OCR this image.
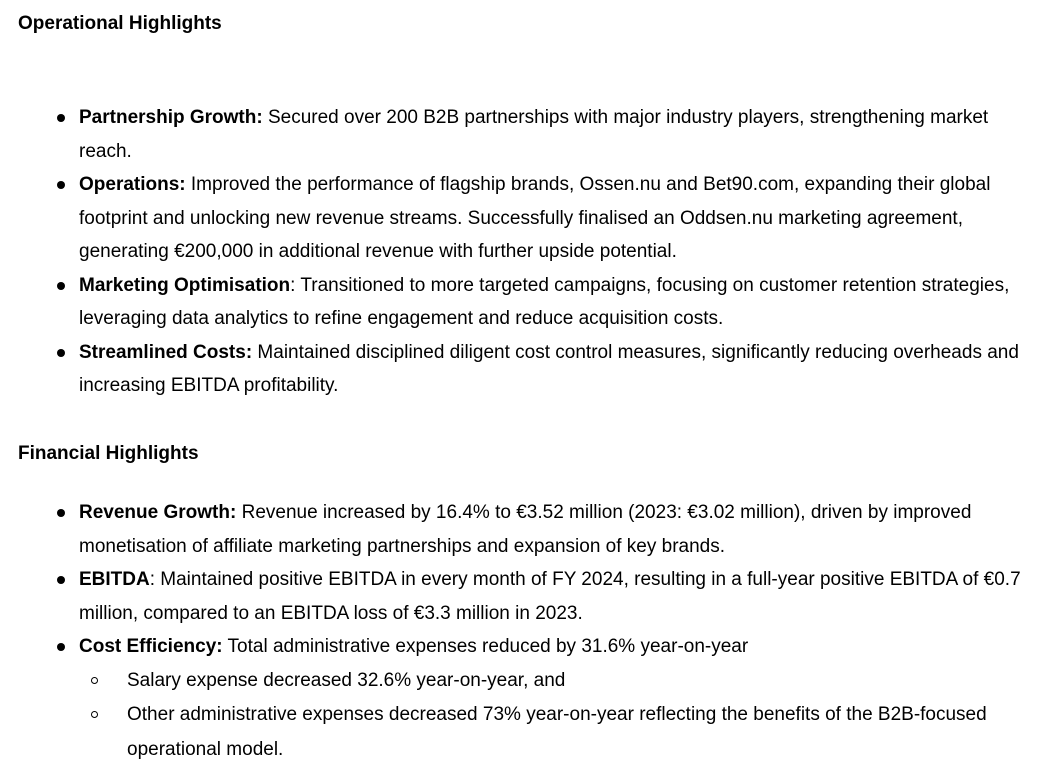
Operational Highlights
Partnership Growth: Secured over 200 B2B partnerships with major industry players, strengthening market reach.
Operations: Improved the performance of flagship brands, Ossen.nu and Bet90.com, expanding their global footprint and unlocking new revenue streams. Successfully finalised an Oddsen.nu marketing agreement, generating €200,000 in additional revenue with further upside potential.
Marketing Optimisation: Transitioned to more targeted campaigns, focusing on customer retention strategies, leveraging data analytics to refine engagement and reduce acquisition costs.
Streamlined Costs: Maintained disciplined diligent cost control measures, significantly reducing overheads and increasing EBITDA profitability.
Financial Highlights
Revenue Growth: Revenue increased by 16.4% to €3.52 million (2023: €3.02 million), driven by improved monetisation of affiliate marketing partnerships and expansion of key brands.
EBITDA: Maintained positive EBITDA in every month of FY 2024, resulting in a full-year positive EBITDA of €0.7 million, compared to an EBITDA loss of €3.3 million in 2023.
Cost Efficiency: Total administrative expenses reduced by 31.6% year-on-year
Salary expense decreased 32.6% year-on-year, and
Other administrative expenses decreased 73% year-on-year reflecting the benefits of the B2B-focused operational model.
